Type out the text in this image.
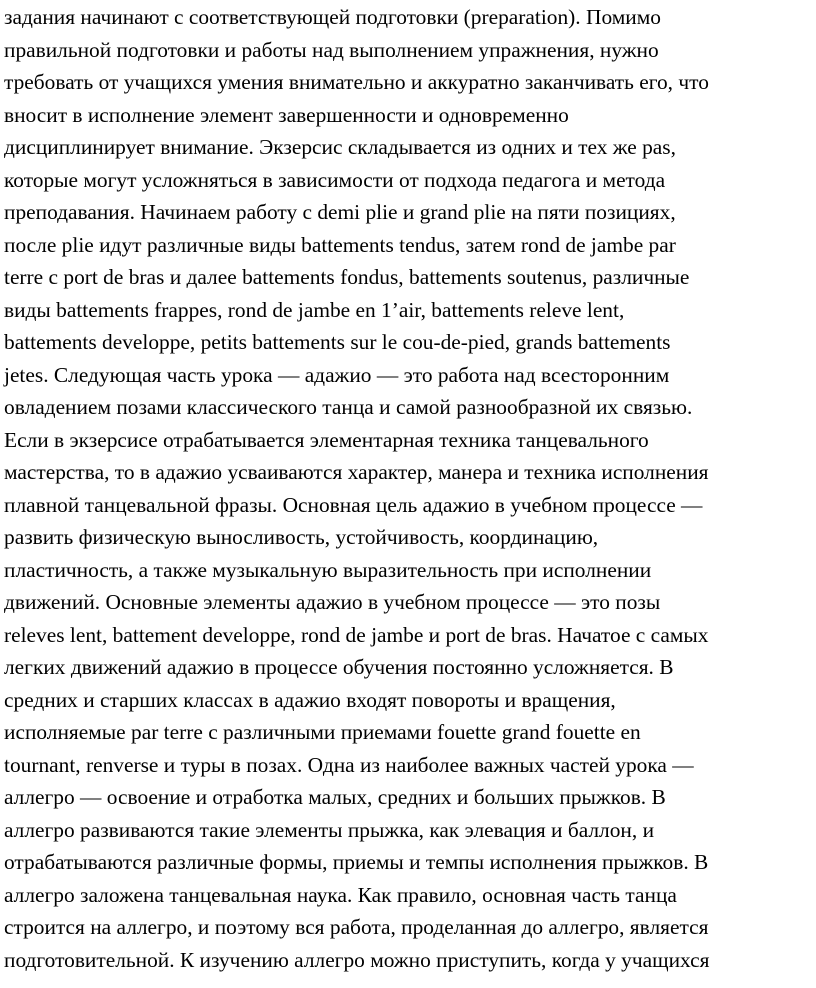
задания начинают с соответствующей подготовки (preparation). Помимо
правильной подготовки и работы над выполнением упражнения, нужно
требовать от учащихся умения внимательно и аккуратно заканчивать его, что
вносит в исполнение элемент завершенности и одновременно
дисциплинирует внимание. Экзерсис складывается из одних и тех же pas,
которые могут усложняться в зависимости от подхода педагога и метода
преподавания. Начинаем работу с demi plie и grand plie на пяти позициях,
после plie идут различные виды battements tendus, затем rond de jambe par
terre с port de bras и далее battements fondus, battements soutenus, различные
виды battements frappes, rond de jambe en 1’air, battements releve lent,
battements developpe, petits battements sur le cou-de-pied, grands battements
jetes. Следующая часть урока — адажио — это работа над всесторонним
овладением позами классического танца и самой разнообразной их связью.
Если в экзерсисе отрабатывается элементарная техника танцевального
мастерства, то в адажио усваиваются характер, манера и техника исполнения
плавной танцевальной фразы. Основная цель адажио в учебном процессе —
развить физическую выносливость, устойчивость, координацию,
пластичность, а также музыкальную выразительность при исполнении
движений. Основные элементы адажио в учебном процессе — это позы
releves lent, battement developpe, rond de jambe и port de bras. Начатое с самых
легких движений адажио в процессе обучения постоянно усложняется. В
средних и старших классах в адажио входят повороты и вращения,
исполняемые par terre с различными приемами fouette grand fouette en
tournant, renverse и туры в позах. Одна из наиболее важных частей урока —
аллегро — освоение и отработка малых, средних и больших прыжков. В
аллегро развиваются такие элементы прыжка, как элевация и баллон, и
отрабатываются различные формы, приемы и темпы исполнения прыжков. В
аллегро заложена танцевальная наука. Как правило, основная часть танца
строится на аллегро, и поэтому вся работа, проделанная до аллегро, является
подготовительной. К изучению аллегро можно приступить, когда у учащихся
